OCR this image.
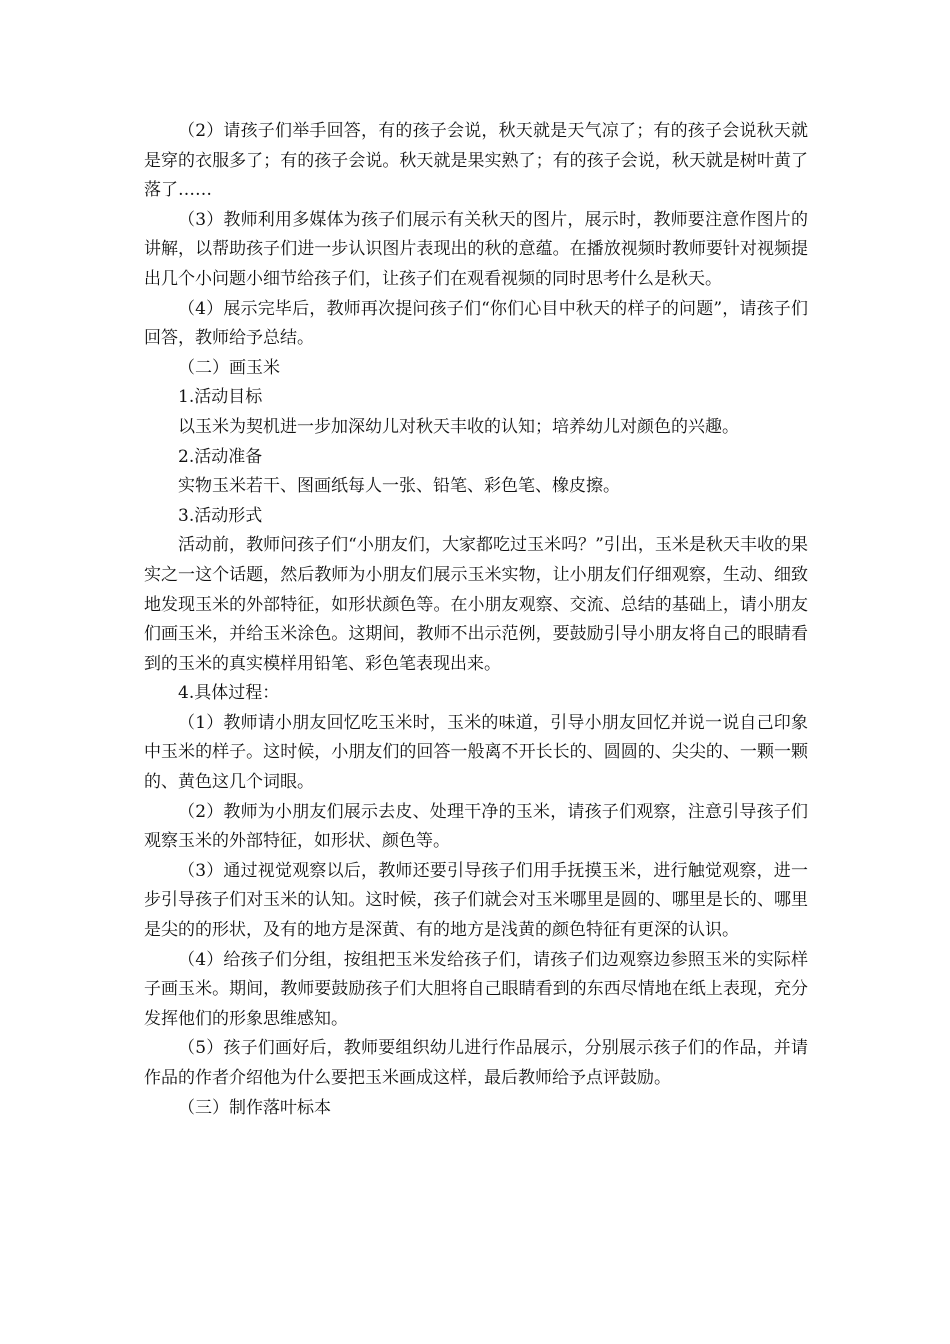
（2）请孩子们举手回答，有的孩子会说，秋天就是天气凉了；有的孩子会说秋天就是穿的衣服多了；有的孩子会说。秋天就是果实熟了；有的孩子会说，秋天就是树叶黄了落了……

（3）教师利用多媒体为孩子们展示有关秋天的图片，展示时，教师要注意作图片的讲解，以帮助孩子们进一步认识图片表现出的秋的意蕴。在播放视频时教师要针对视频提出几个小问题小细节给孩子们，让孩子们在观看视频的同时思考什么是秋天。

（4）展示完毕后，教师再次提问孩子们“你们心目中秋天的样子的问题”，请孩子们回答，教师给予总结。

（二）画玉米

1.活动目标

以玉米为契机进一步加深幼儿对秋天丰收的认知；培养幼儿对颜色的兴趣。

2.活动准备

实物玉米若干、图画纸每人一张、铅笔、彩色笔、橡皮擦。

3.活动形式

活动前，教师问孩子们“小朋友们，大家都吃过玉米吗？”引出，玉米是秋天丰收的果实之一这个话题，然后教师为小朋友们展示玉米实物，让小朋友们仔细观察，生动、细致地发现玉米的外部特征，如形状颜色等。在小朋友观察、交流、总结的基础上，请小朋友们画玉米，并给玉米涂色。这期间，教师不出示范例，要鼓励引导小朋友将自己的眼睛看到的玉米的真实模样用铅笔、彩色笔表现出来。

4.具体过程：

（1）教师请小朋友回忆吃玉米时，玉米的味道，引导小朋友回忆并说一说自己印象中玉米的样子。这时候，小朋友们的回答一般离不开长长的、圆圆的、尖尖的、一颗一颗的、黄色这几个词眼。

（2）教师为小朋友们展示去皮、处理干净的玉米，请孩子们观察，注意引导孩子们观察玉米的外部特征，如形状、颜色等。

（3）通过视觉观察以后，教师还要引导孩子们用手抚摸玉米，进行触觉观察，进一步引导孩子们对玉米的认知。这时候，孩子们就会对玉米哪里是圆的、哪里是长的、哪里是尖的的形状，及有的地方是深黄、有的地方是浅黄的颜色特征有更深的认识。

（4）给孩子们分组，按组把玉米发给孩子们，请孩子们边观察边参照玉米的实际样子画玉米。期间，教师要鼓励孩子们大胆将自己眼睛看到的东西尽情地在纸上表现，充分发挥他们的形象思维感知。

（5）孩子们画好后，教师要组织幼儿进行作品展示，分别展示孩子们的作品，并请作品的作者介绍他为什么要把玉米画成这样，最后教师给予点评鼓励。

（三）制作落叶标本
